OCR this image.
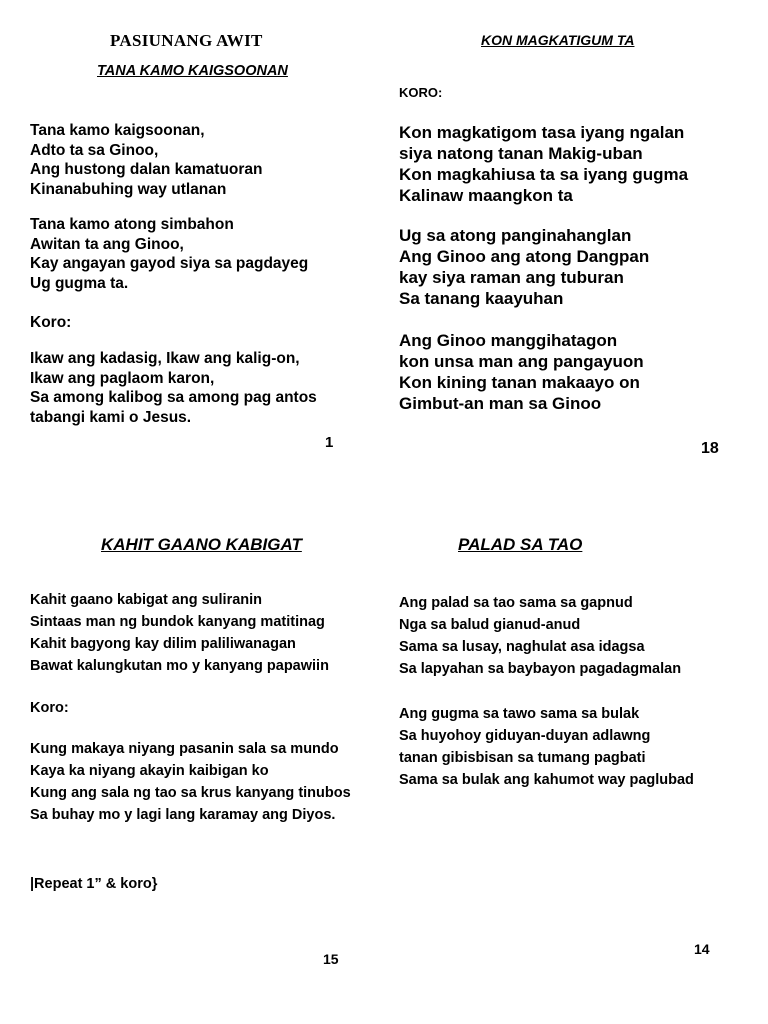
PASIUNANG AWIT
TANA KAMO KAIGSOONAN
Tana kamo kaigsoonan,
Adto ta sa Ginoo,
Ang hustong dalan kamatuoran
Kinanabuhing way utlanan
Tana kamo atong simbahon
Awitan ta ang Ginoo,
Kay angayan gayod siya sa pagdayeg
Ug gugma ta.
Koro:
Ikaw ang kadasig, Ikaw ang kalig-on,
Ikaw ang paglaom karon,
Sa among kalibog sa among pag antos
tabangi kami o Jesus.
1
KON MAGKATIGUM TA
KORO:
Kon magkatigom tasa iyang ngalan
siya natong tanan Makig-uban
Kon magkahiusa ta sa iyang gugma
Kalinaw maangkon ta
Ug sa atong panginahanglan
Ang Ginoo ang atong Dangpan
kay siya raman ang tuburan
Sa tanang kaayuhan
Ang Ginoo manggihatagon
kon unsa man ang pangayuon
Kon kining tanan makaayo on
Gimbut-an man sa Ginoo
18
KAHIT GAANO KABIGAT
Kahit gaano kabigat ang suliranin
Sintaas man ng bundok kanyang matitinag
Kahit bagyong kay dilim paliliwanagan
Bawat kalungkutan mo y kanyang papawiin
Koro:
Kung makaya niyang pasanin sala sa mundo
Kaya ka niyang akayin kaibigan ko
Kung ang sala ng tao sa krus kanyang tinubos
Sa buhay mo y lagi lang karamay ang Diyos.
|Repeat 1” & koro}
15
PALAD SA TAO
Ang palad sa tao sama sa gapnud
Nga sa balud gianud-anud
Sama sa lusay, naghulat asa idagsa
Sa lapyahan sa baybayon pagadagmalan
Ang gugma sa tawo sama sa bulak
Sa huyohoy giduyan-duyan adlawng
tanan gibisbisan sa tumang pagbati
Sama sa bulak ang kahumot way paglubad
14
